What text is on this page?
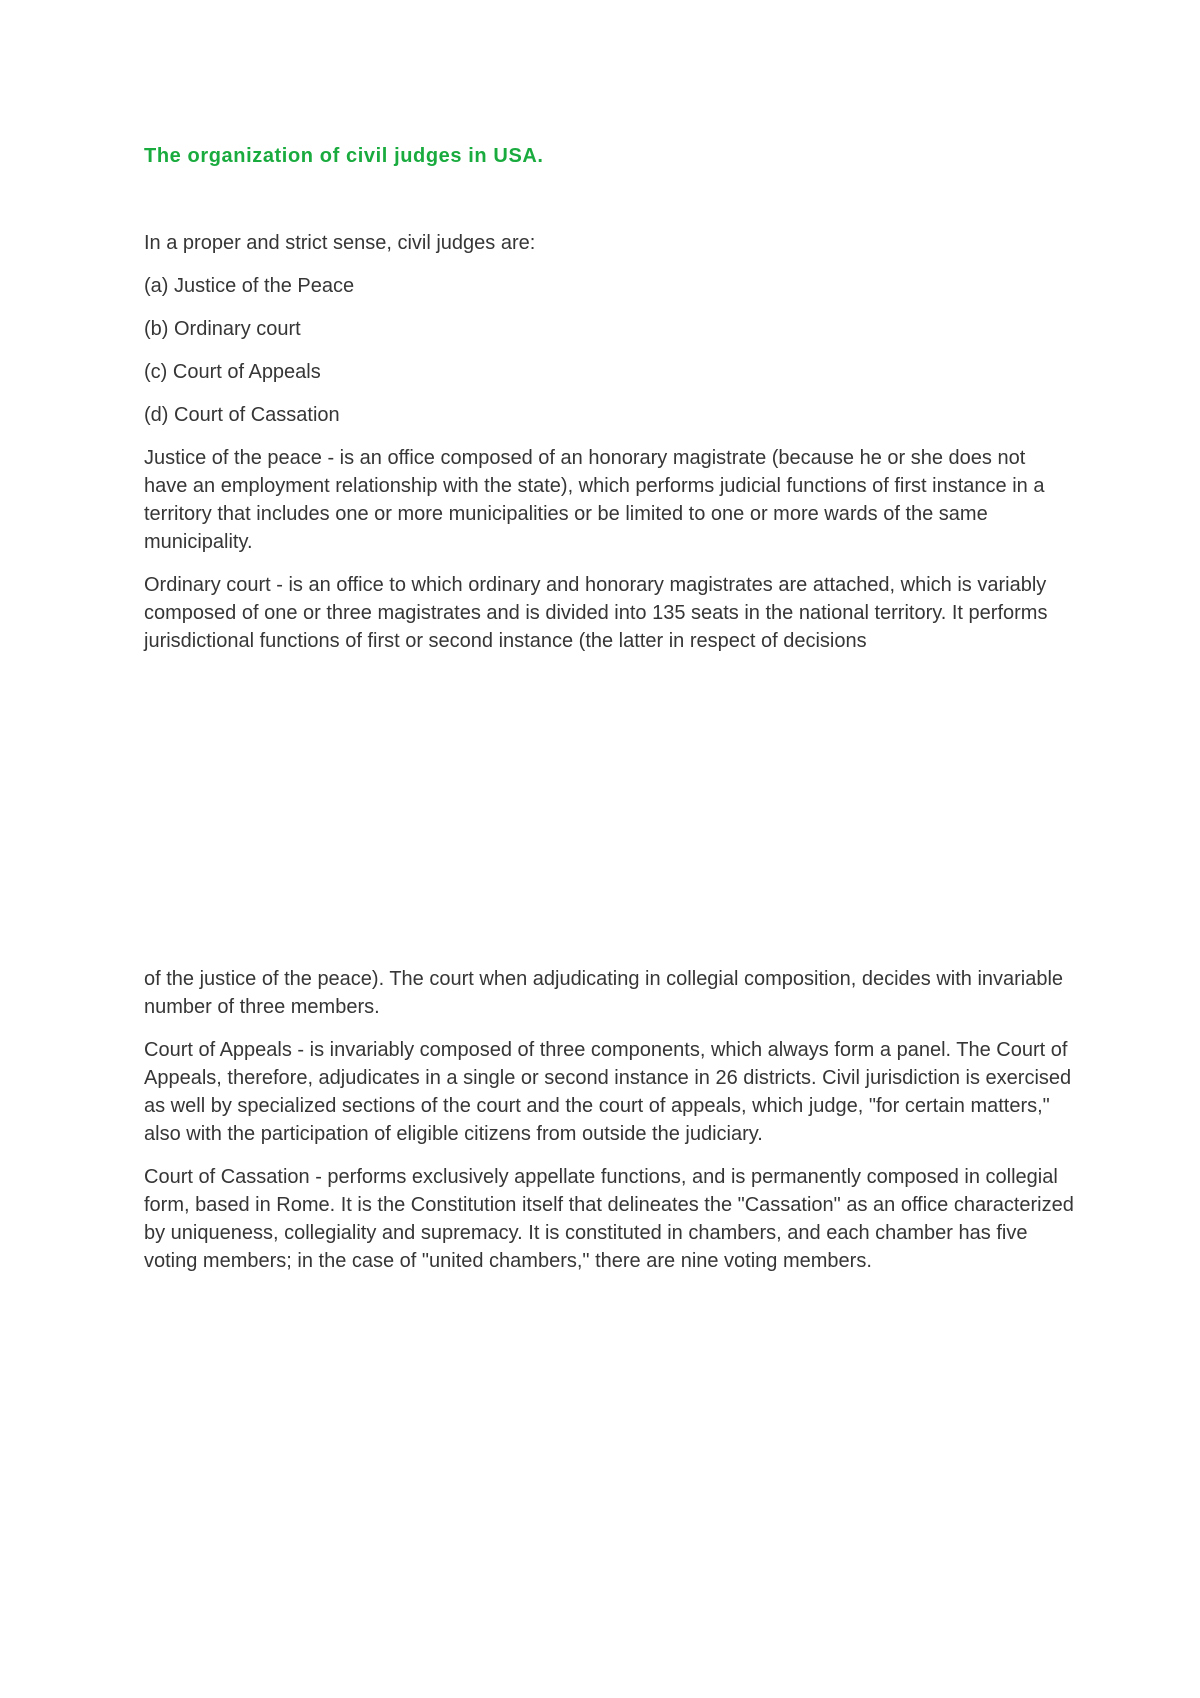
The organization of civil judges in USA.

In a proper and strict sense, civil judges are:

(a) Justice of the Peace

(b) Ordinary court

(c) Court of Appeals

(d) Court of Cassation

Justice of the peace - is an office composed of an honorary magistrate (because he or she does not have an employment relationship with the state), which performs judicial functions of first instance in a territory that includes one or more municipalities or be limited to one or more wards of the same municipality.

Ordinary court - is an office to which ordinary and honorary magistrates are attached, which is variably composed of one or three magistrates and is divided into 135 seats in the national territory. It performs jurisdictional functions of first or second instance (the latter in respect of decisions

of the justice of the peace). The court when adjudicating in collegial composition, decides with invariable number of three members.

Court of Appeals - is invariably composed of three components, which always form a panel. The Court of Appeals, therefore, adjudicates in a single or second instance in 26 districts. Civil jurisdiction is exercised as well by specialized sections of the court and the court of appeals, which judge, "for certain matters," also with the participation of eligible citizens from outside the judiciary.

Court of Cassation - performs exclusively appellate functions, and is permanently composed in collegial form, based in Rome. It is the Constitution itself that delineates the "Cassation" as an office characterized by uniqueness, collegiality and supremacy. It is constituted in chambers, and each chamber has five voting members; in the case of "united chambers," there are nine voting members.
